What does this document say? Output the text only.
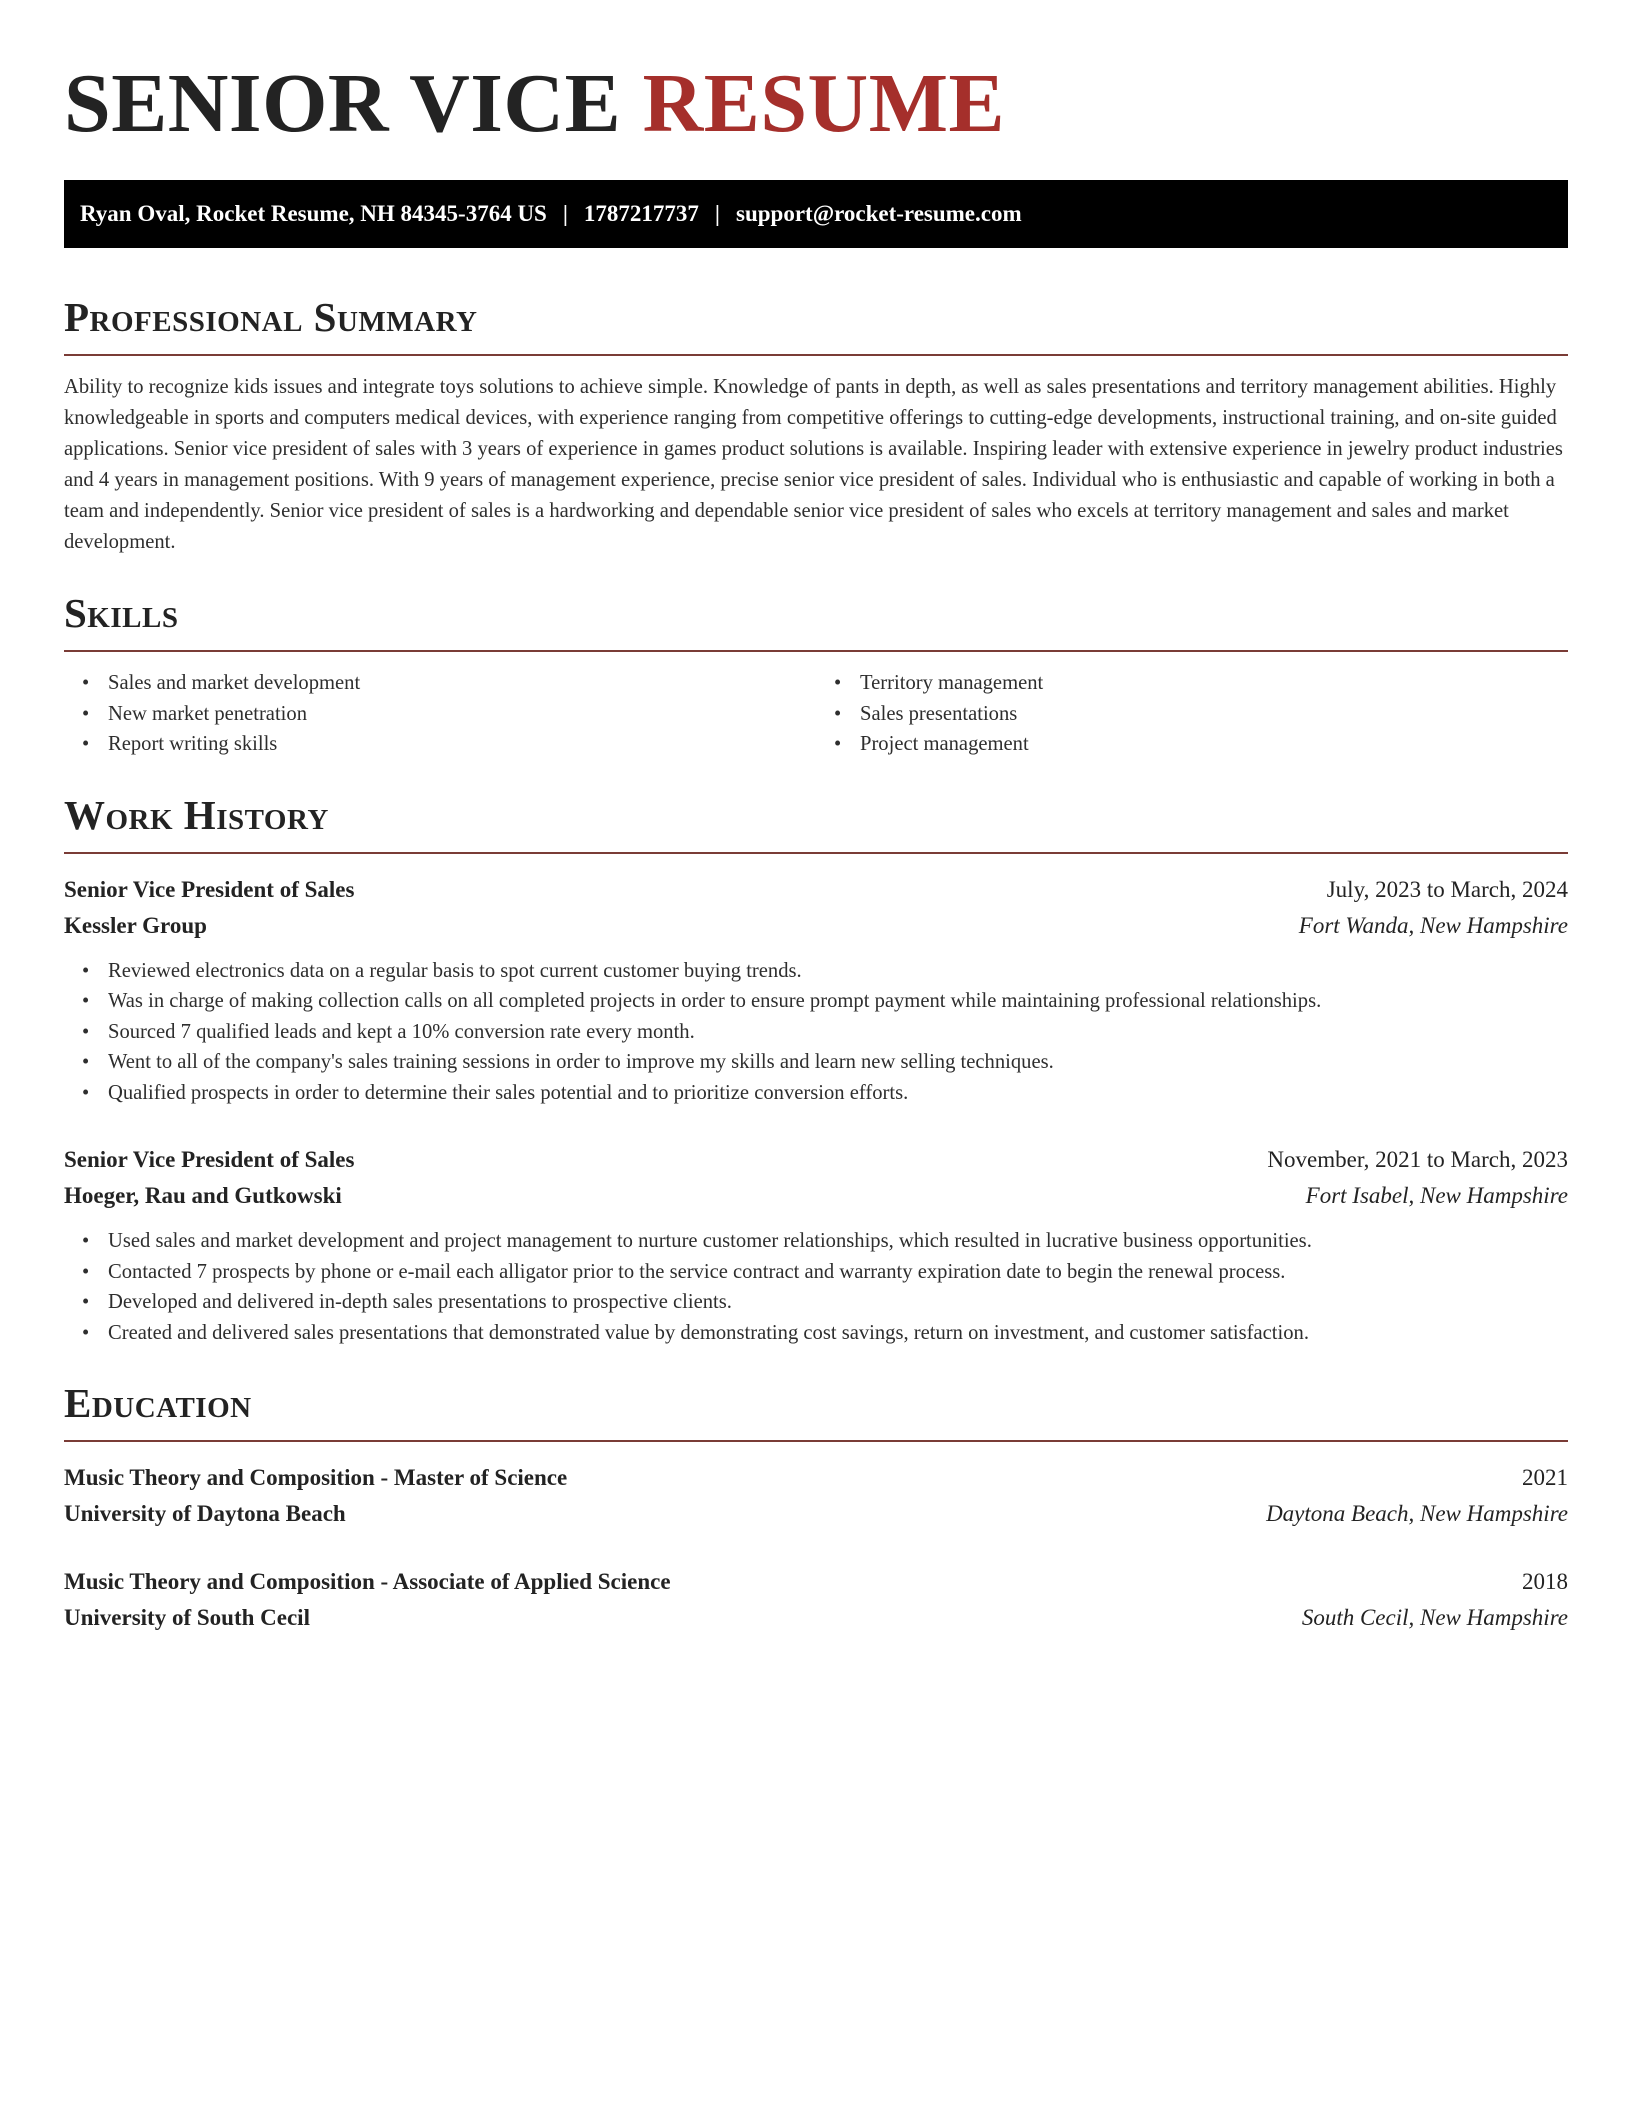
SENIOR VICE RESUME
Ryan Oval, Rocket Resume, NH 84345-3764 US | 1787217737 | support@rocket-resume.com
Professional Summary

Ability to recognize kids issues and integrate toys solutions to achieve simple. Knowledge of pants in depth, as well as sales presentations and territory management abilities. Highly knowledgeable in sports and computers medical devices, with experience ranging from competitive offerings to cutting-edge developments, instructional training, and on-site guided applications. Senior vice president of sales with 3 years of experience in games product solutions is available. Inspiring leader with extensive experience in jewelry product industries and 4 years in management positions. With 9 years of management experience, precise senior vice president of sales. Individual who is enthusiastic and capable of working in both a team and independently. Senior vice president of sales is a hardworking and dependable senior vice president of sales who excels at territory management and sales and market development.

Skills
• Sales and market development
• New market penetration
• Report writing skills
• Territory management
• Sales presentations
• Project management
Work History
Senior Vice President of Sales	July, 2023 to March, 2024
Kessler Group	Fort Wanda, New Hampshire
• Reviewed electronics data on a regular basis to spot current customer buying trends.
• Was in charge of making collection calls on all completed projects in order to ensure prompt payment while maintaining professional relationships.
• Sourced 7 qualified leads and kept a 10% conversion rate every month.
• Went to all of the company's sales training sessions in order to improve my skills and learn new selling techniques.
• Qualified prospects in order to determine their sales potential and to prioritize conversion efforts.
Senior Vice President of Sales	November, 2021 to March, 2023
Hoeger, Rau and Gutkowski	Fort Isabel, New Hampshire
• Used sales and market development and project management to nurture customer relationships, which resulted in lucrative business opportunities.
• Contacted 7 prospects by phone or e-mail each alligator prior to the service contract and warranty expiration date to begin the renewal process.
• Developed and delivered in-depth sales presentations to prospective clients.
• Created and delivered sales presentations that demonstrated value by demonstrating cost savings, return on investment, and customer satisfaction.
Education
Music Theory and Composition - Master of Science	2021
University of Daytona Beach	Daytona Beach, New Hampshire
Music Theory and Composition - Associate of Applied Science	2018
University of South Cecil	South Cecil, New Hampshire
